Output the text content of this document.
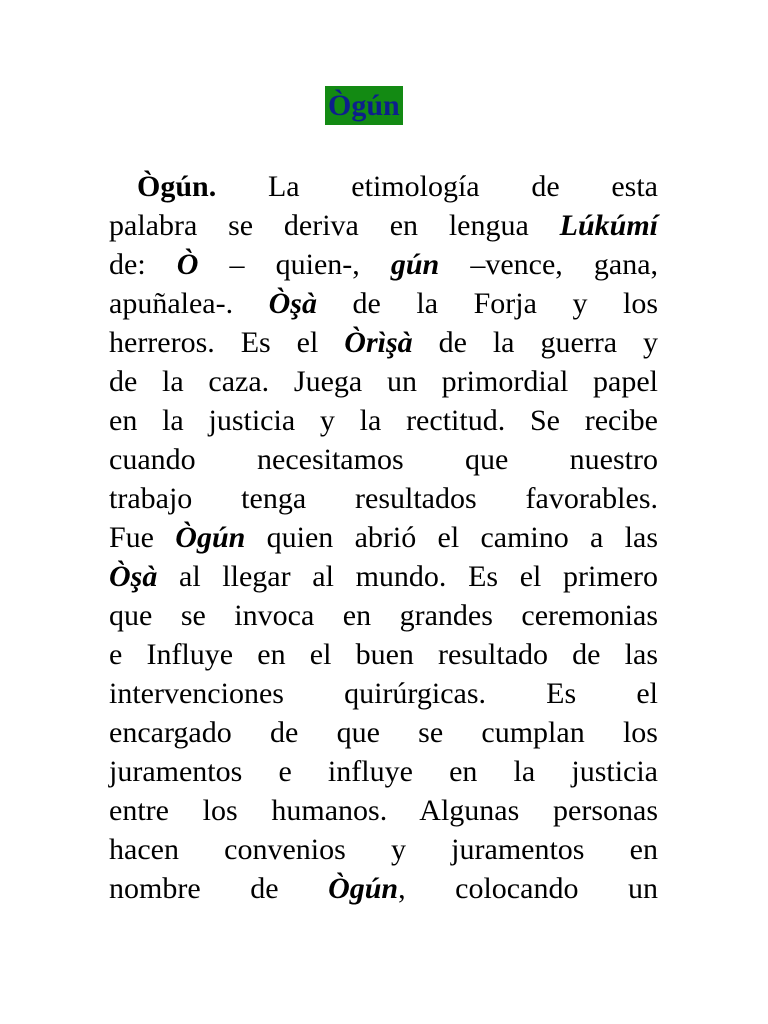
Ògún
Ògún. La etimología de esta
palabra se deriva en lengua Lúkúmí
de: Ò – quien-, gún –vence, gana,
apuñalea-. Òşà de la Forja y los
herreros. Es el Òrìşà de la guerra y
de la caza. Juega un primordial papel
en la justicia y la rectitud. Se recibe
cuando necesitamos que nuestro
trabajo tenga resultados favorables.
Fue Ògún quien abrió el camino a las
Òşà al llegar al mundo. Es el primero
que se invoca en grandes ceremonias
e Influye en el buen resultado de las
intervenciones quirúrgicas. Es el
encargado de que se cumplan los
juramentos e influye en la justicia
entre los humanos. Algunas personas
hacen convenios y juramentos en
nombre de Ògún, colocando un
